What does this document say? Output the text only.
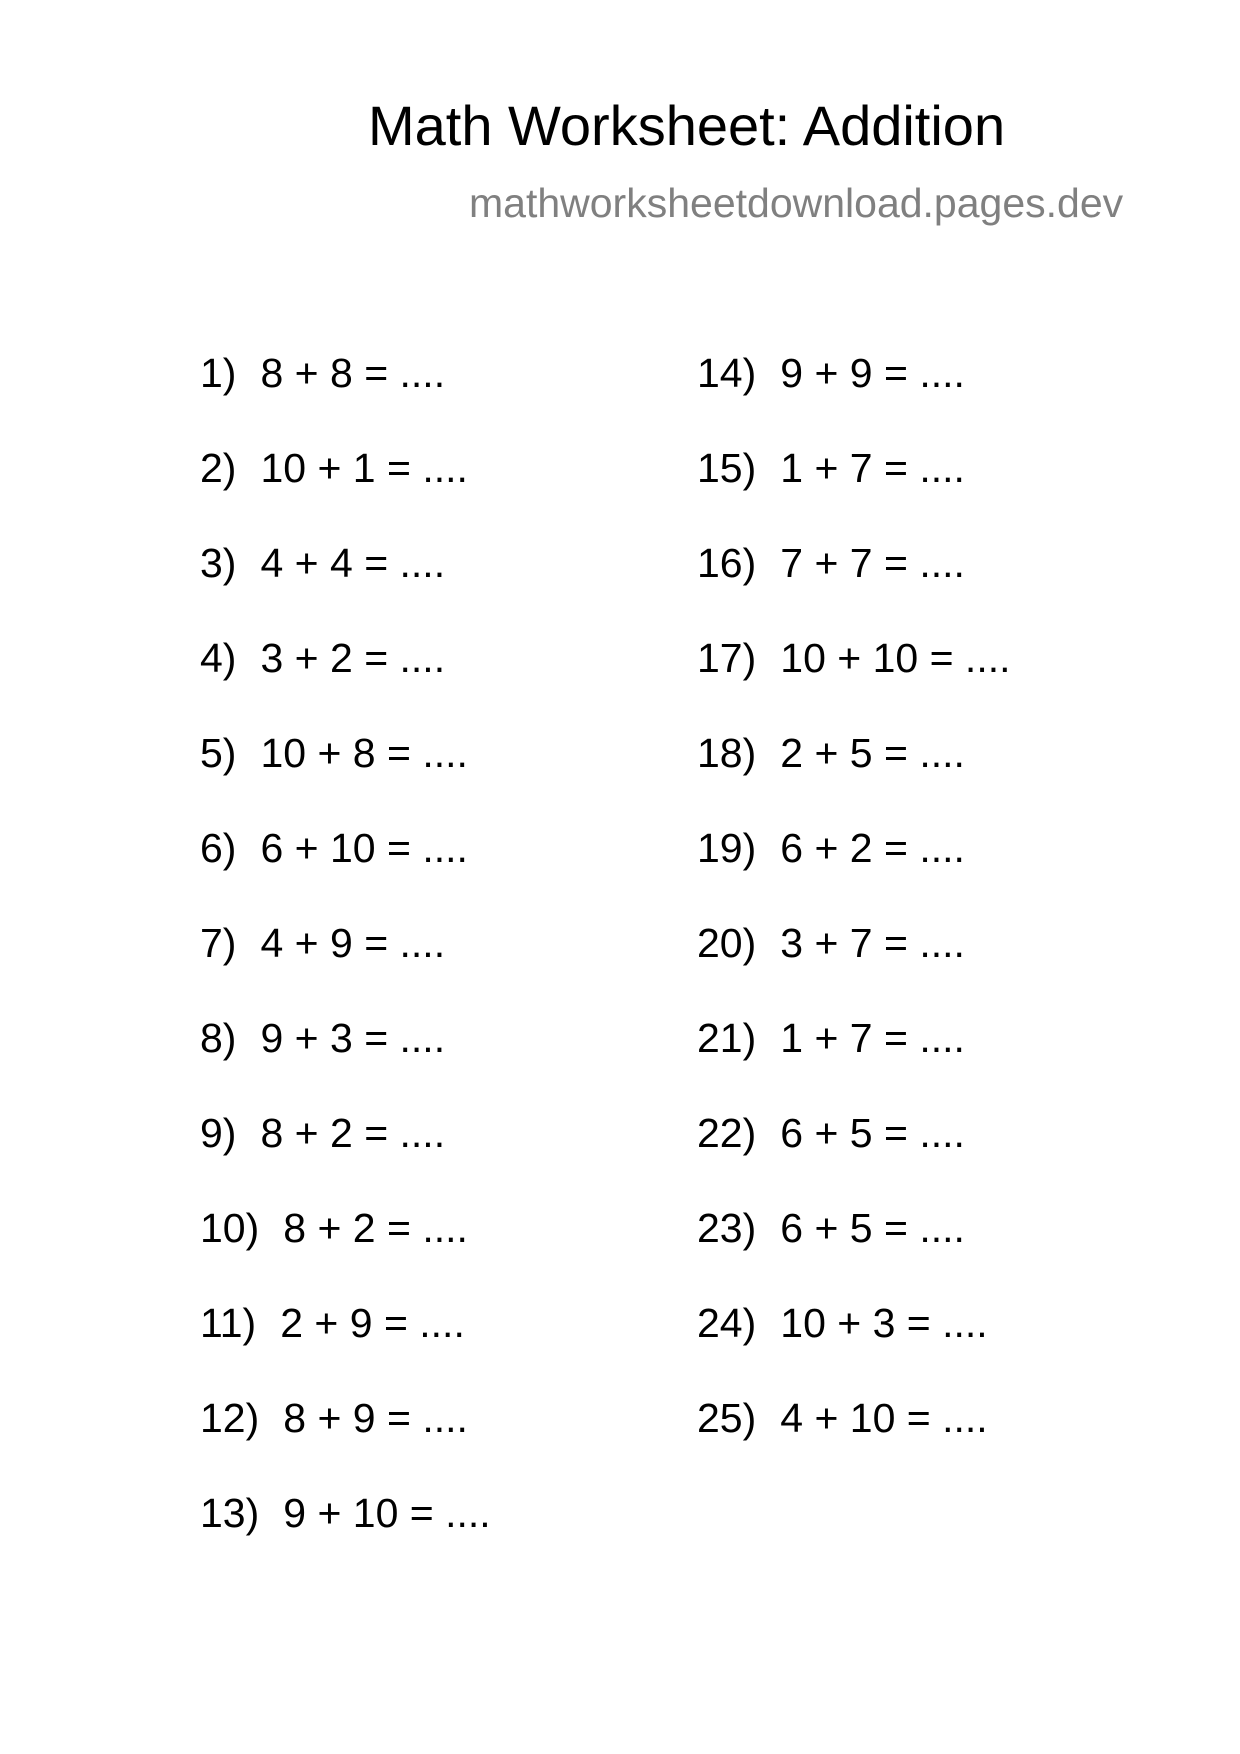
Math Worksheet: Addition
mathworksheetdownload.pages.dev
1) 8 + 8 = ....
2) 10 + 1 = ....
3) 4 + 4 = ....
4) 3 + 2 = ....
5) 10 + 8 = ....
6) 6 + 10 = ....
7) 4 + 9 = ....
8) 9 + 3 = ....
9) 8 + 2 = ....
10) 8 + 2 = ....
11) 2 + 9 = ....
12) 8 + 9 = ....
13) 9 + 10 = ....
14) 9 + 9 = ....
15) 1 + 7 = ....
16) 7 + 7 = ....
17) 10 + 10 = ....
18) 2 + 5 = ....
19) 6 + 2 = ....
20) 3 + 7 = ....
21) 1 + 7 = ....
22) 6 + 5 = ....
23) 6 + 5 = ....
24) 10 + 3 = ....
25) 4 + 10 = ....
